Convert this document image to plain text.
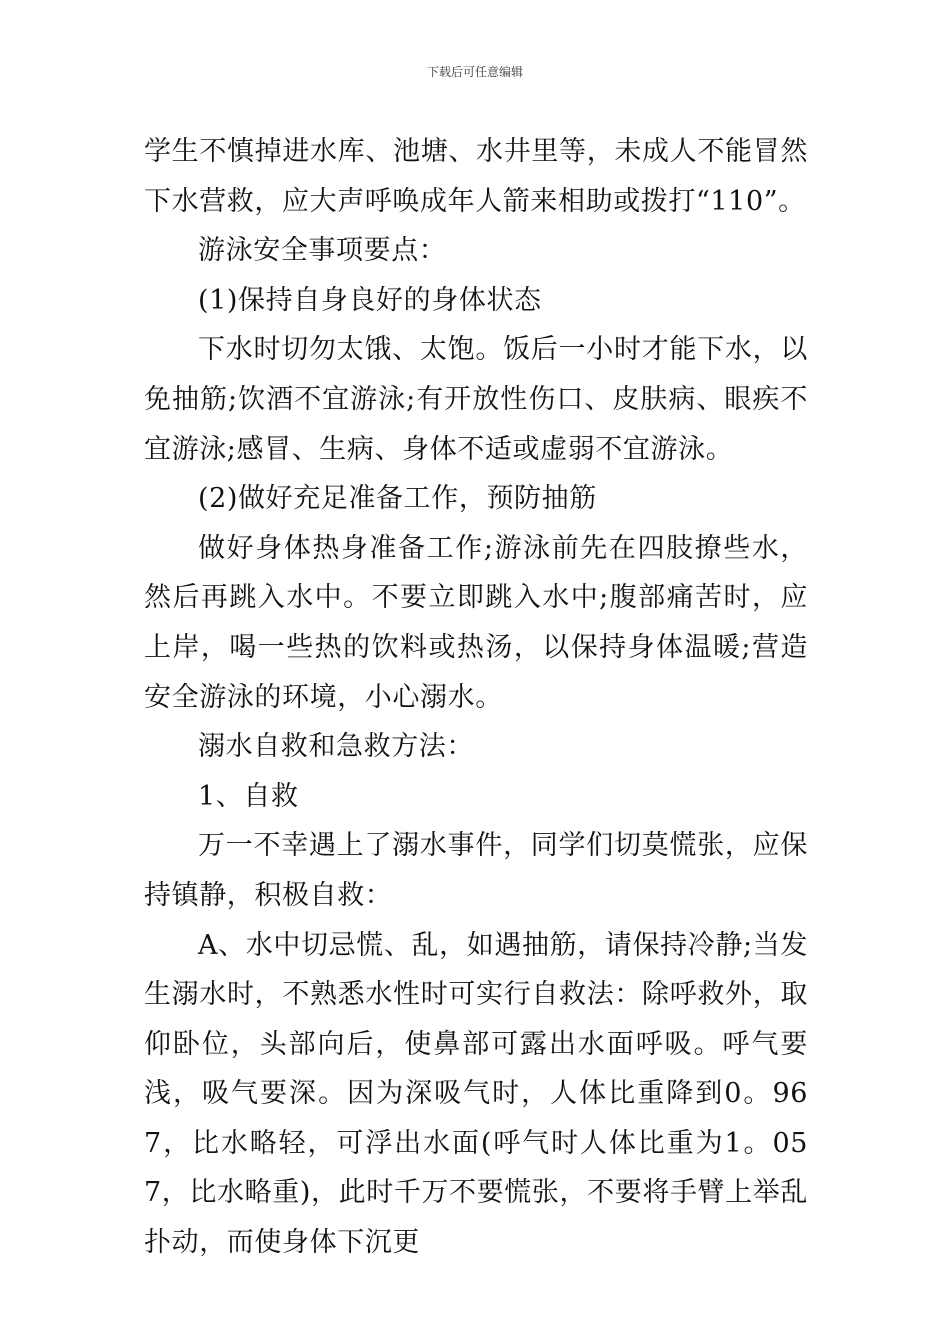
下载后可任意编辑

学生不慎掉进水库、池塘、水井里等，未成人不能冒然下水营救，应大声呼唤成年人箭来相助或拨打“110”。

游泳安全事项要点：

(1)保持自身良好的身体状态

下水时切勿太饿、太饱。饭后一小时才能下水，以免抽筋;饮酒不宜游泳;有开放性伤口、皮肤病、眼疾不宜游泳;感冒、生病、身体不适或虚弱不宜游泳。

(2)做好充足准备工作，预防抽筋

做好身体热身准备工作;游泳前先在四肢撩些水，然后再跳入水中。不要立即跳入水中;腹部痛苦时，应上岸，喝一些热的饮料或热汤，以保持身体温暖;营造安全游泳的环境，小心溺水。

溺水自救和急救方法：

1、自救

万一不幸遇上了溺水事件，同学们切莫慌张，应保持镇静，积极自救：

A、水中切忌慌、乱，如遇抽筋，请保持冷静;当发生溺水时，不熟悉水性时可实行自救法：除呼救外，取仰卧位，头部向后，使鼻部可露出水面呼吸。呼气要浅，吸气要深。因为深吸气时，人体比重降到0。967，比水略轻，可浮出水面(呼气时人体比重为1。057，比水略重)，此时千万不要慌张，不要将手臂上举乱扑动，而使身体下沉更
